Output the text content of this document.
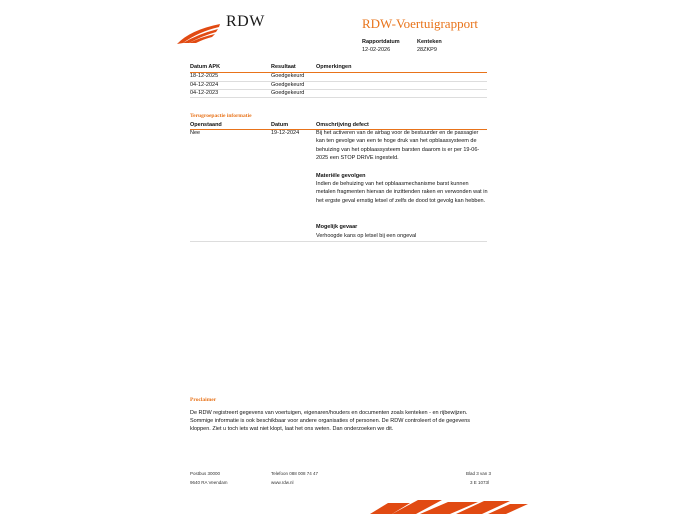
RDW	RDW-Voertuigrapport
Rapportdatum
12-02-2026
Kenteken
28ZKP9
Datum APK	Resultaat	Opmerkingen
18-12-2025	Goedgekeurd
04-12-2024	Goedgekeurd
04-12-2023	Goedgekeurd
Terugroepactie informatie
Openstaand	Datum	Omschrijving defect
Nee	19-12-2024	Bij het activeren van de airbag voor de bestuurder en de passagier kan ten gevolge van een te hoge druk van het opblaassysteem de behuizing van het opblaassysteem barsten daarom is er per 19-06-2025 een STOP DRIVE ingesteld.
Materiële gevolgen
Indien de behuizing van het opblaasmechanisme barst kunnen metalen fragmenten hiervan de inzittenden raken en verwonden wat in het ergste geval ernstig letsel of zelfs de dood tot gevolg kan hebben.
Mogelijk gevaar
Verhoogde kans op letsel bij een ongeval
Proclaimer
De RDW registreert gegevens van voertuigen, eigenaren/houders en documenten zoals kenteken - en rijbewijzen. Sommige informatie is ook beschikbaar voor andere organisaties of personen. De RDW controleert of de gegevens kloppen. Ziet u toch iets wat niet klopt, laat het ons weten. Dan onderzoeken we dit.
Postbus 30000
9640 RA Veendam
Telefoon 088 008 74 47
www.rdw.nl
Blad 3 van 3
3 E 1073l
